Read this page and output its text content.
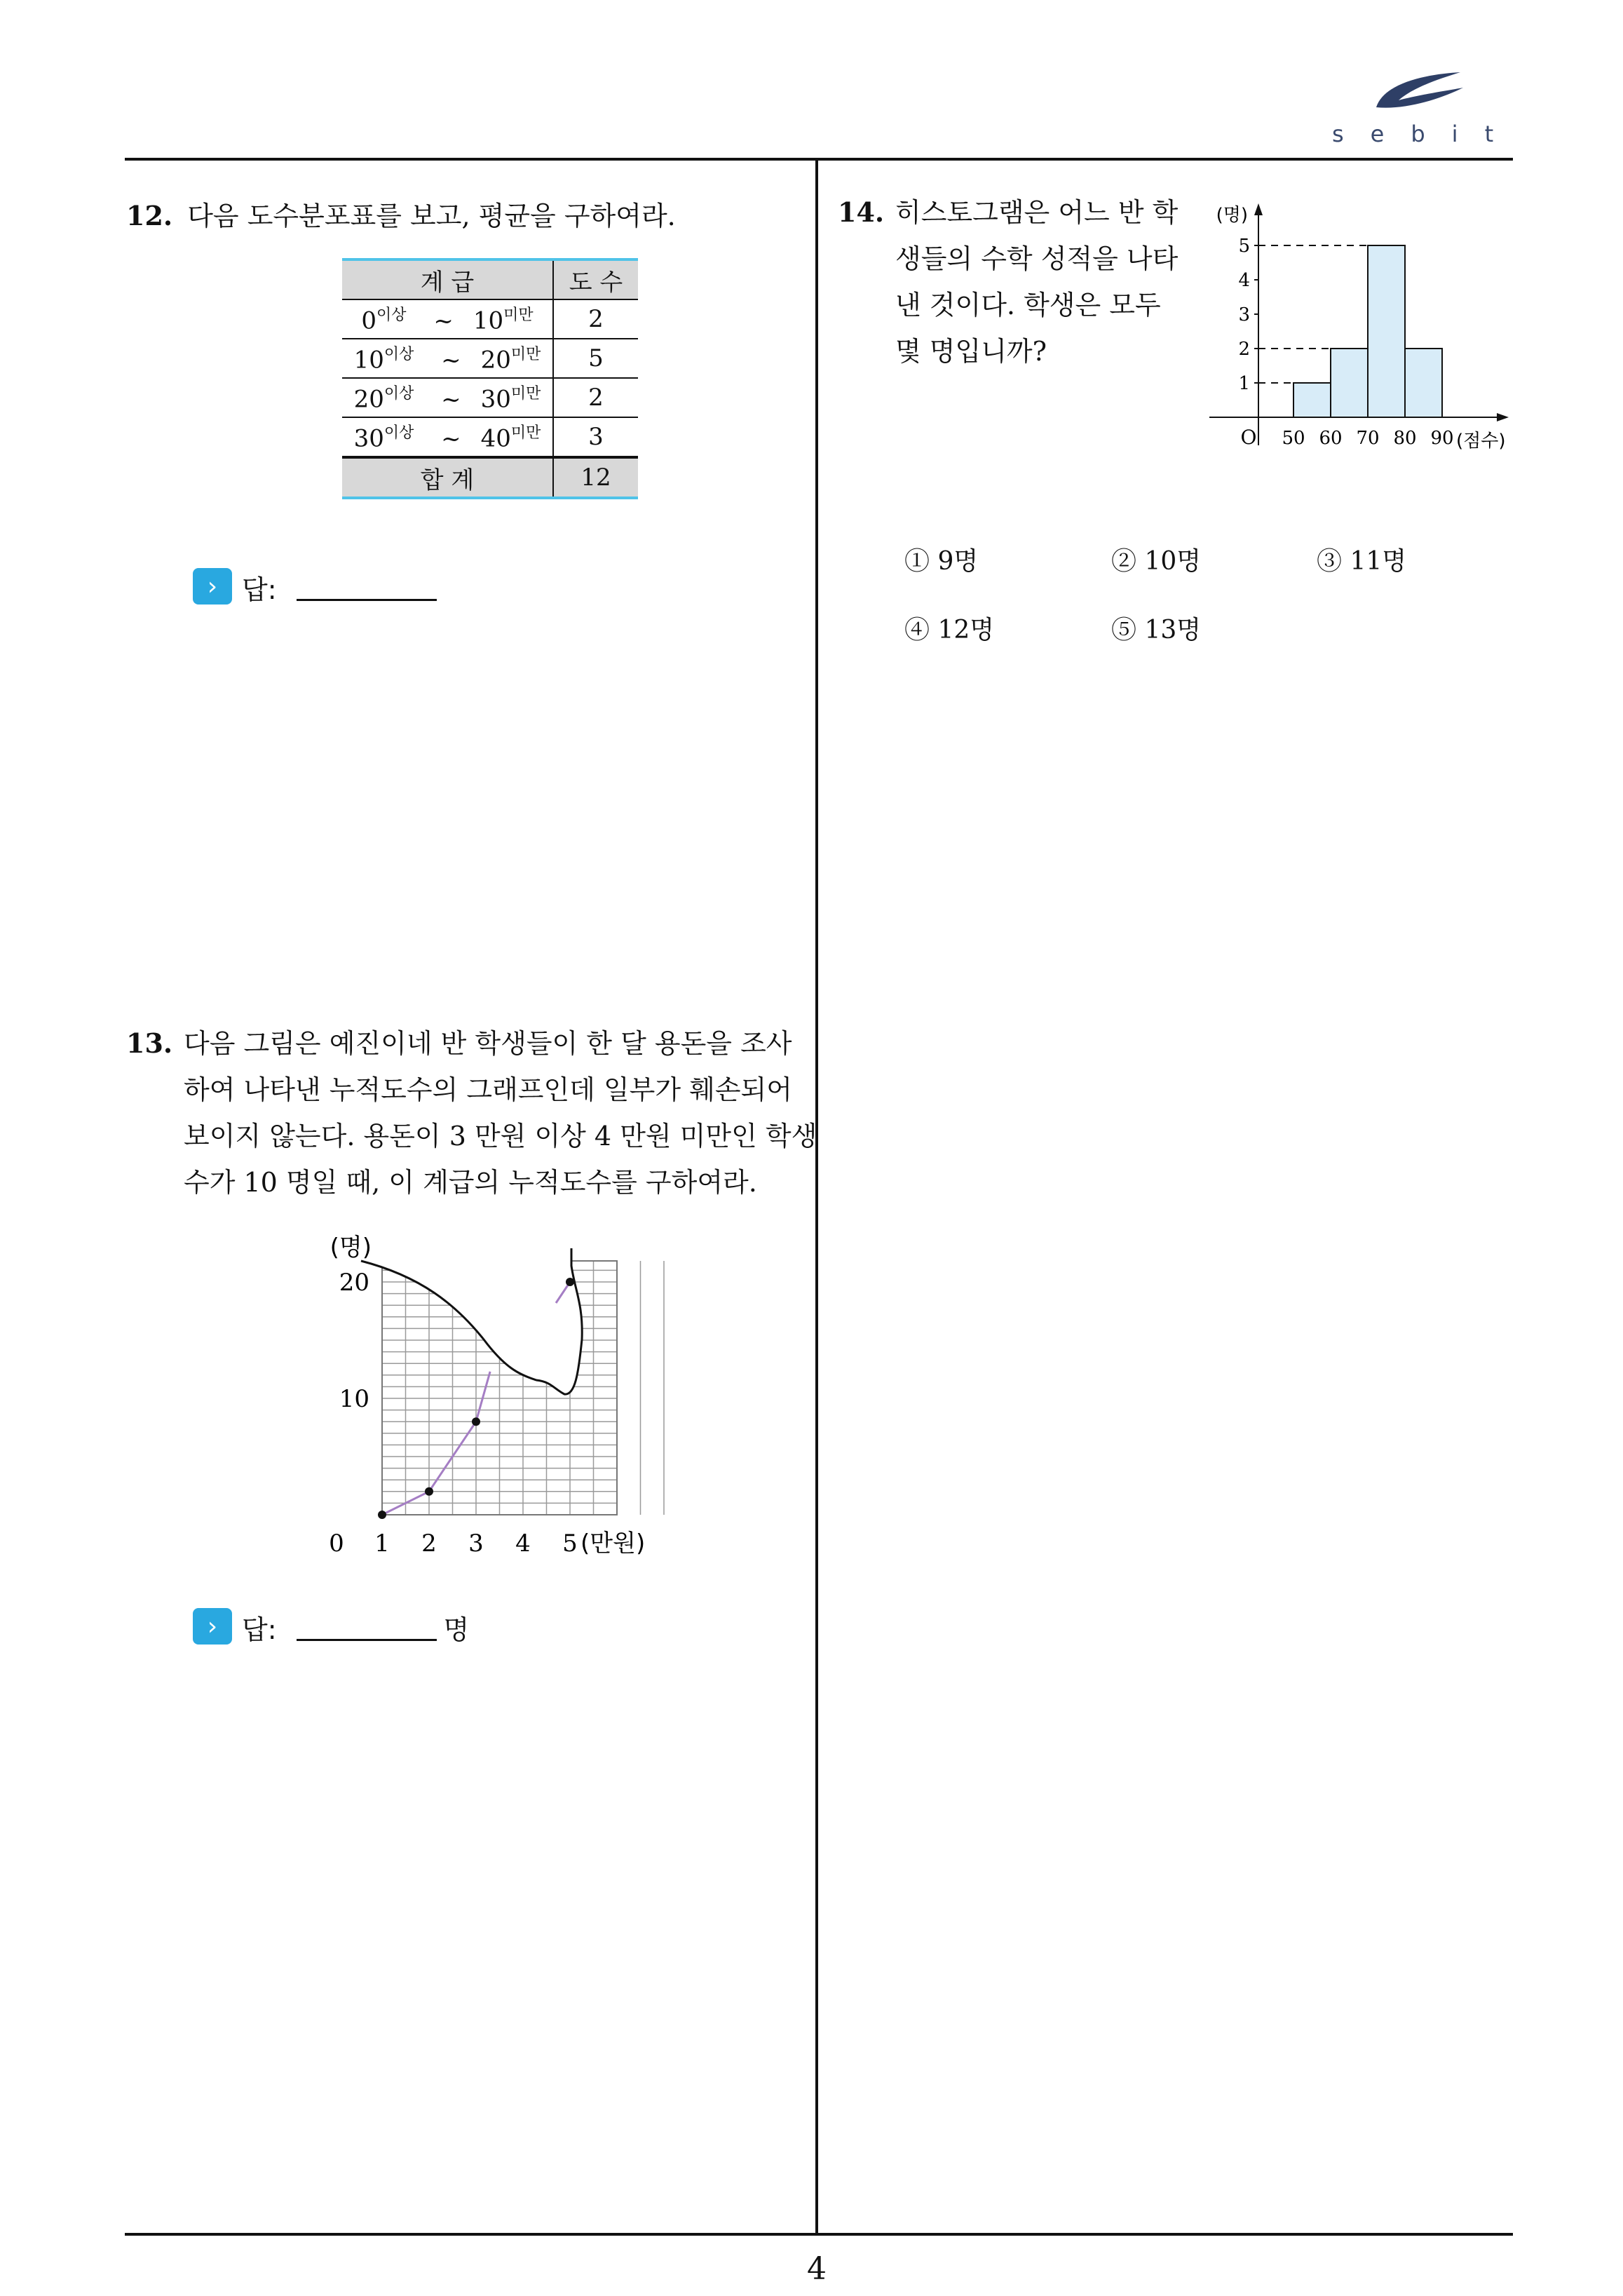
sebit
4
12. 다음 도수분포표를 보고, 평균을 구하여라.
계 급	도 수
$0^{이상}$ ~ $10^{미만}$	2
$10^{이상}$ ~ $20^{미만}$	5
$20^{이상}$ ~ $30^{미만}$	2
$30^{이상}$ ~ $40^{미만}$	3
합 계	12
› 답:
13. 다음 그림은 예진이네 반 학생들이 한 달 용돈을 조사
하여 나타낸 누적도수의 그래프인데 일부가 훼손되어
보이지 않는다. 용돈이 3 만원 이상 4 만원 미만인 학생
수가 10 명일 때, 이 계급의 누적도수를 구하여라.
0 1 2 3 4 5
10
20
(명)
(만원)
› 답:	명
14. 히스토그램은 어느 반 학
생들의 수학 성적을 나타
낸 것이다. 학생은 모두
몇 명입니까?
1
2
3
4
5
50 60 70 80 90
O
(명)
(점수)
① 9명	② 10명	③ 11명
④ 12명	⑤ 13명
